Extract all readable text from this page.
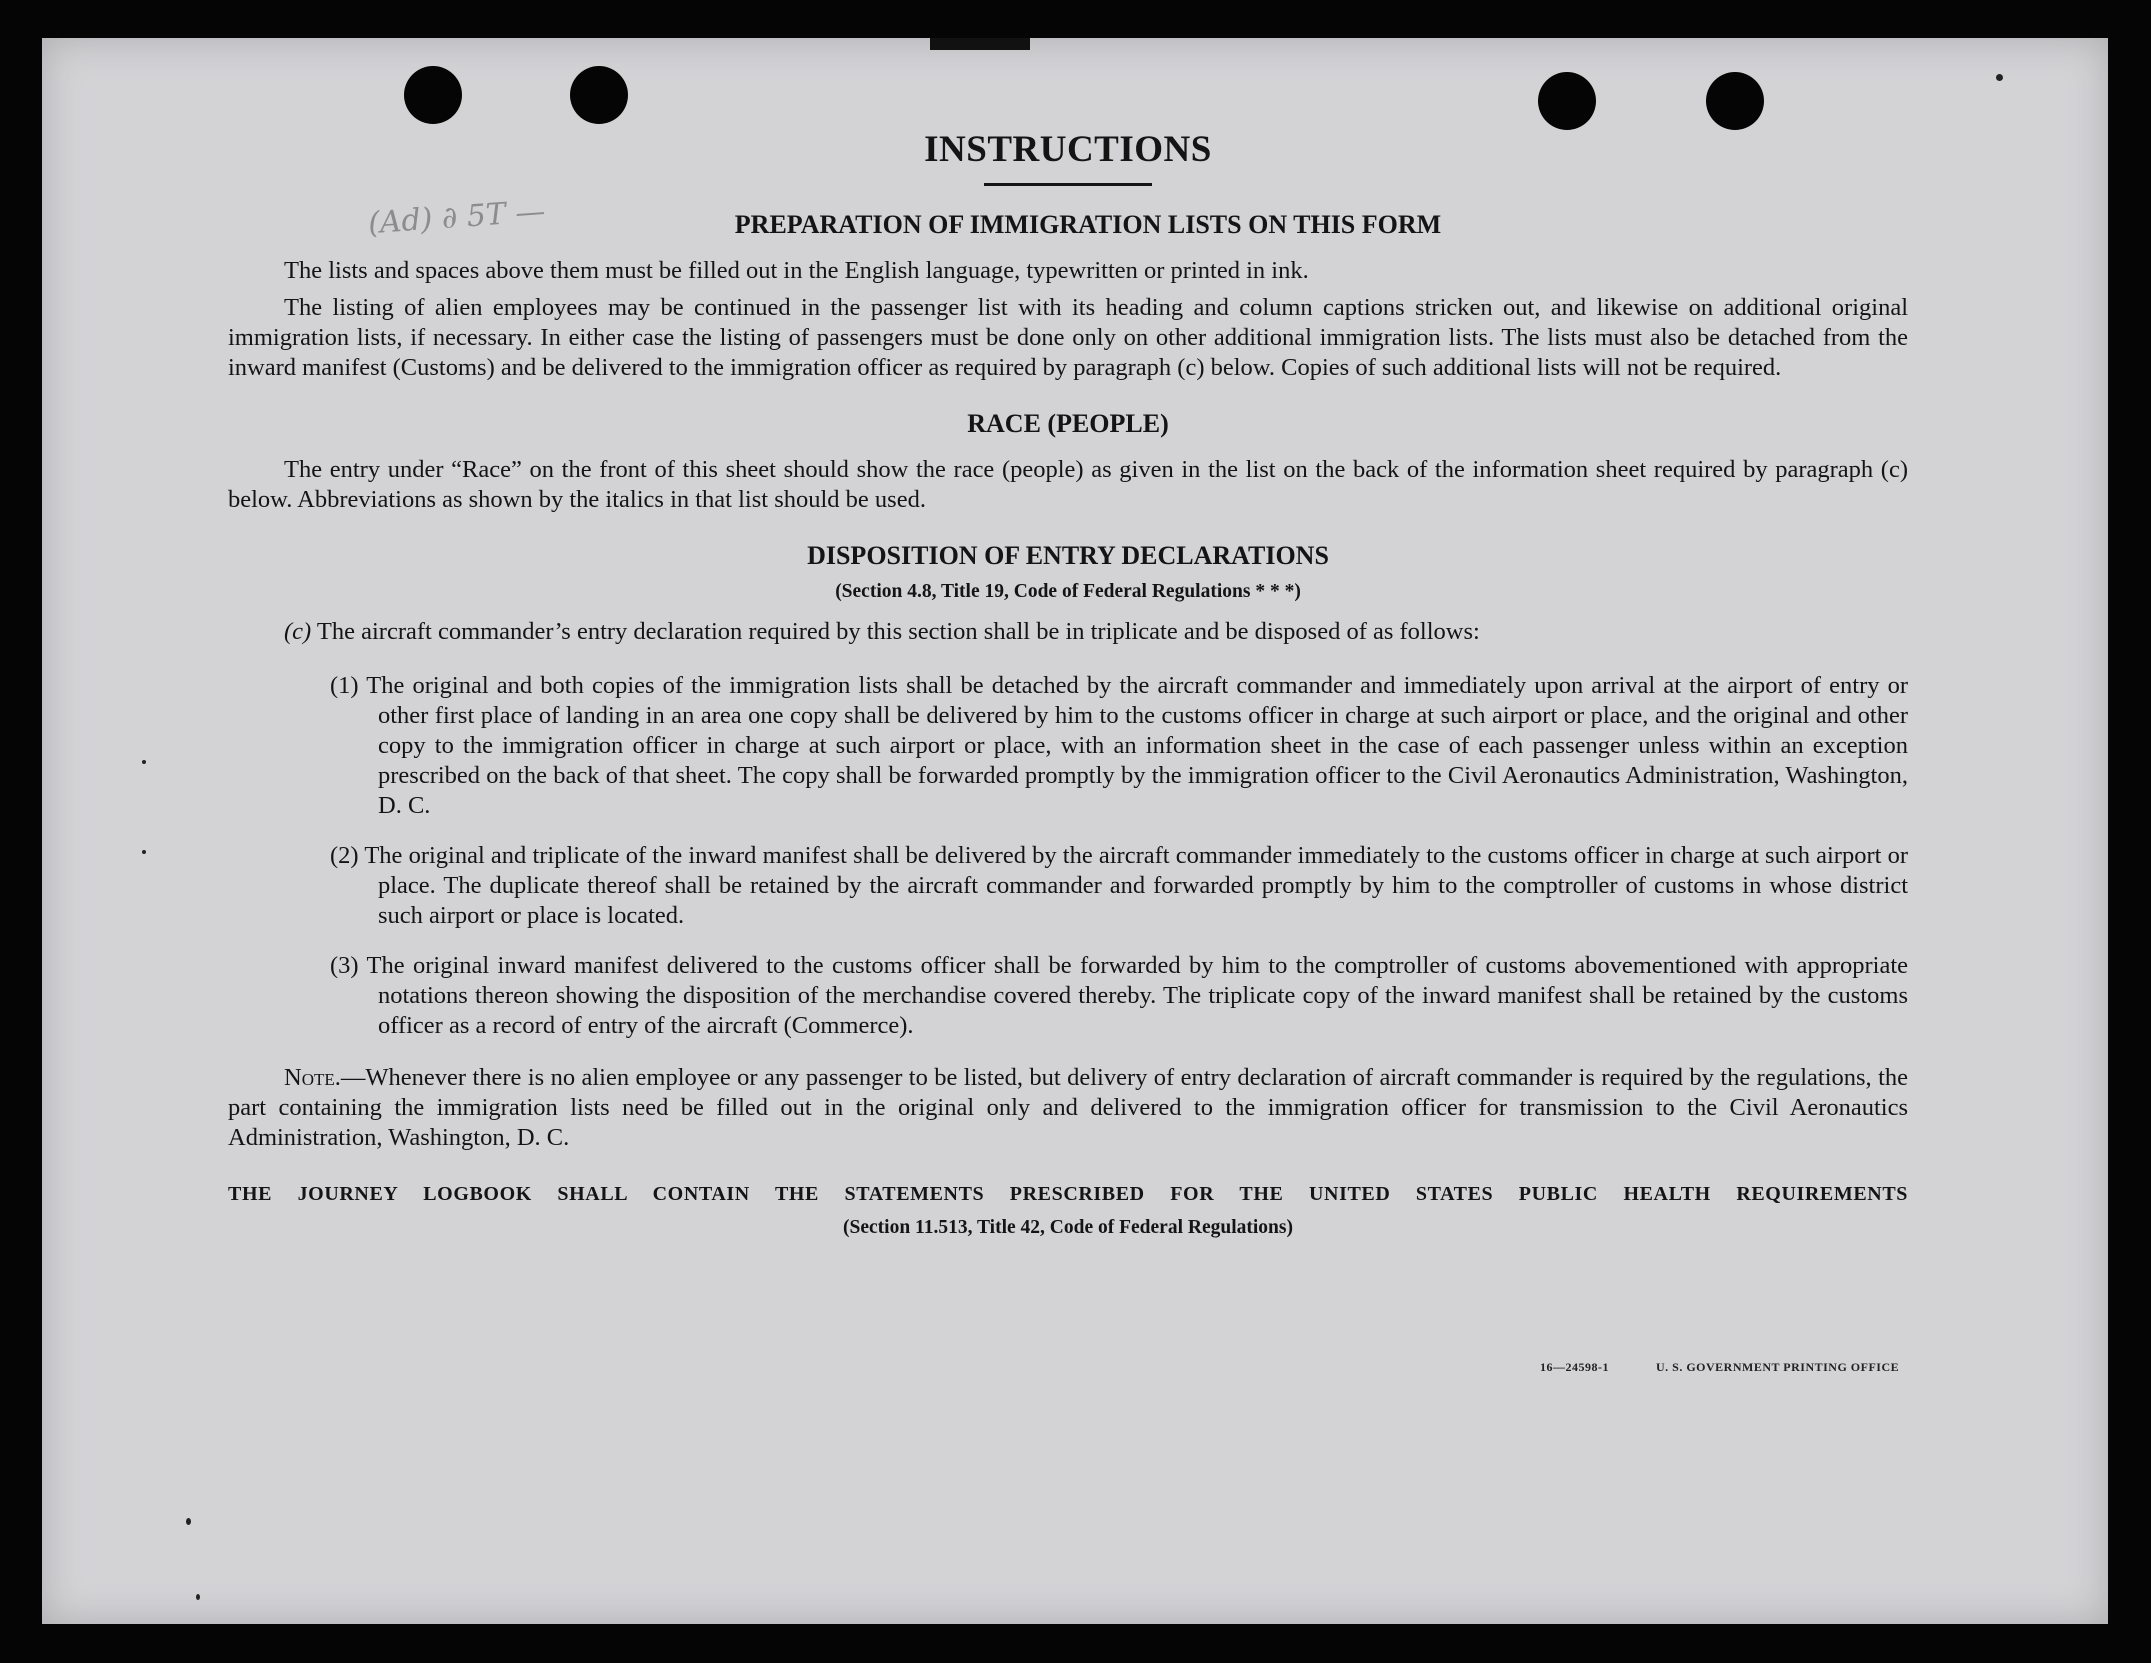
INSTRUCTIONS
(Ad) ∂ 5T —	PREPARATION OF IMMIGRATION LISTS ON THIS FORM

The lists and spaces above them must be filled out in the English language, typewritten or printed in ink.

The listing of alien employees may be continued in the passenger list with its heading and column captions stricken out, and likewise on additional original immigration lists, if necessary. In either case the listing of passengers must be done only on other additional immigration lists. The lists must also be detached from the inward manifest (Customs) and be delivered to the immigration officer as required by paragraph (c) below. Copies of such additional lists will not be required.

RACE (PEOPLE)

The entry under “Race” on the front of this sheet should show the race (people) as given in the list on the back of the information sheet required by paragraph (c) below. Abbreviations as shown by the italics in that list should be used.

DISPOSITION OF ENTRY DECLARATIONS

(Section 4.8, Title 19, Code of Federal Regulations * * *)

(c) The aircraft commander’s entry declaration required by this section shall be in triplicate and be disposed of as follows:

(1) The original and both copies of the immigration lists shall be detached by the aircraft commander and immediately upon arrival at the airport of entry or other first place of landing in an area one copy shall be delivered by him to the customs officer in charge at such airport or place, and the original and other copy to the immigration officer in charge at such airport or place, with an information sheet in the case of each passenger unless within an exception prescribed on the back of that sheet. The copy shall be forwarded promptly by the immigration officer to the Civil Aeronautics Administration, Washington, D. C.

(2) The original and triplicate of the inward manifest shall be delivered by the aircraft commander immediately to the customs officer in charge at such airport or place. The duplicate thereof shall be retained by the aircraft commander and forwarded promptly by him to the comptroller of customs in whose district such airport or place is located.

(3) The original inward manifest delivered to the customs officer shall be forwarded by him to the comptroller of customs abovementioned with appropriate notations thereon showing the disposition of the merchandise covered thereby. The triplicate copy of the inward manifest shall be retained by the customs officer as a record of entry of the aircraft (Commerce).

Note.—Whenever there is no alien employee or any passenger to be listed, but delivery of entry declaration of aircraft commander is required by the regulations, the part containing the immigration lists need be filled out in the original only and delivered to the immigration officer for transmission to the Civil Aeronautics Administration, Washington, D. C.

THE JOURNEY LOGBOOK SHALL CONTAIN THE STATEMENTS PRESCRIBED FOR THE UNITED STATES PUBLIC HEALTH REQUIREMENTS

(Section 11.513, Title 42, Code of Federal Regulations)

16—24598-1	U. S. GOVERNMENT PRINTING OFFICE
